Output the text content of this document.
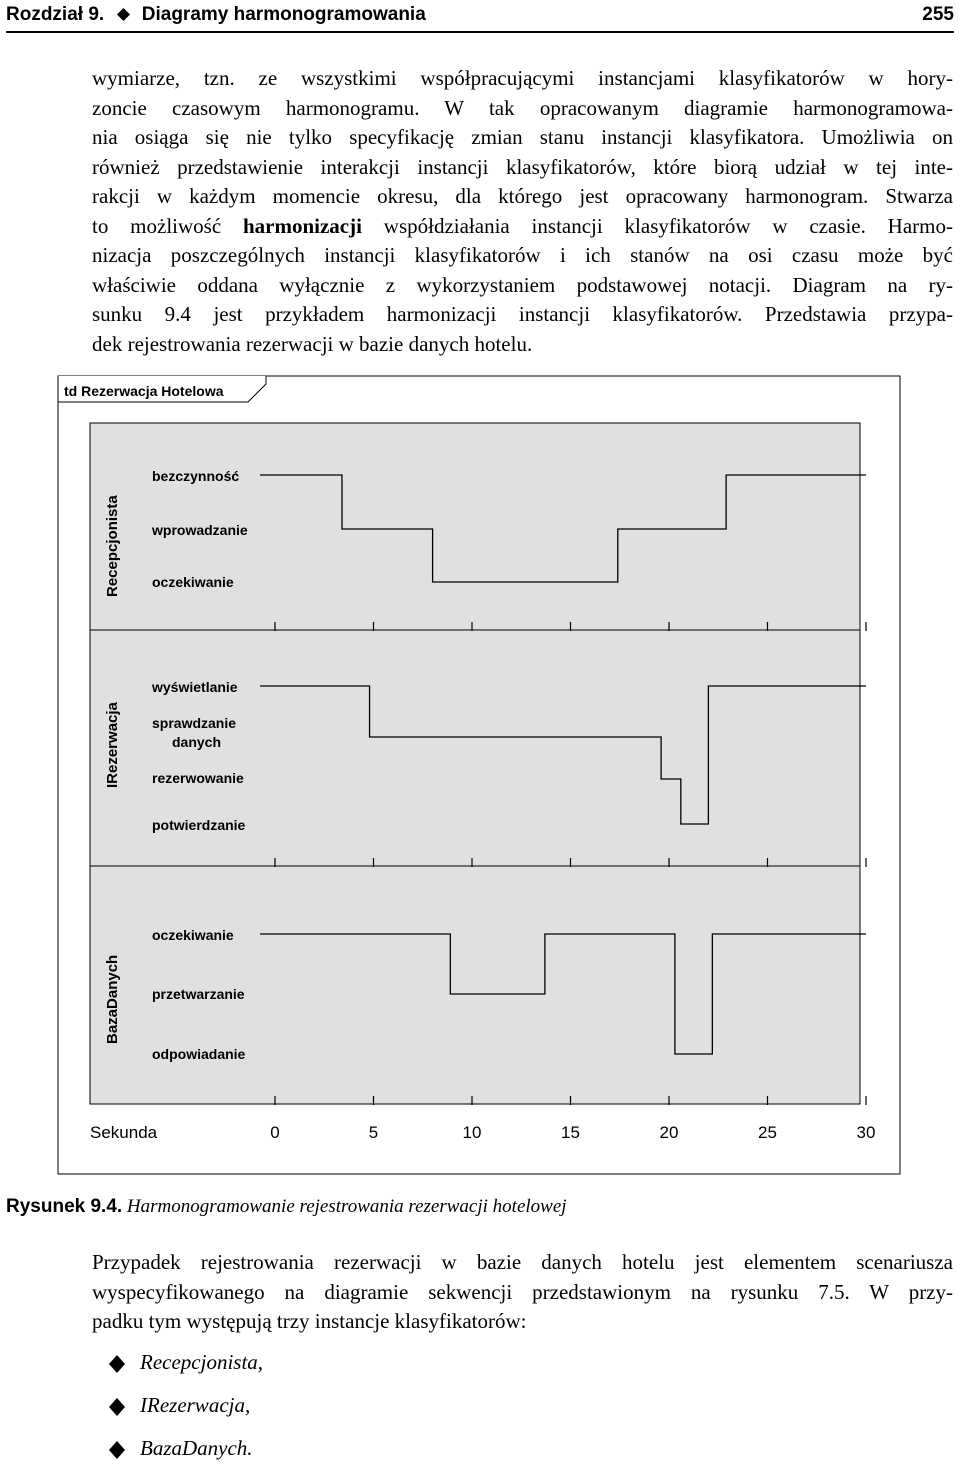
Rozdział 9. Diagramy harmonogramowania	255
wymiarze, tzn. ze wszystkimi współpracującymi instancjami klasyfikatorów w hory-
zoncie czasowym harmonogramu. W tak opracowanym diagramie harmonogramowa-
nia osiąga się nie tylko specyfikację zmian stanu instancji klasyfikatora. Umożliwia on
również przedstawienie interakcji instancji klasyfikatorów, które biorą udział w tej inte-
rakcji w każdym momencie okresu, dla którego jest opracowany harmonogram. Stwarza
to możliwość harmonizacji współdziałania instancji klasyfikatorów w czasie. Harmo-
nizacja poszczególnych instancji klasyfikatorów i ich stanów na osi czasu może być
właściwie oddana wyłącznie z wykorzystaniem podstawowej notacji. Diagram na ry-
sunku 9.4 jest przykładem harmonizacji instancji klasyfikatorów. Przedstawia przypa-
dek rejestrowania rezerwacji w bazie danych hotelu.
td Rezerwacja Hotelowa
Recepcjonista
IRezerwacja
BazaDanych
bezczynność
wprowadzanie
oczekiwanie
wyświetlanie
sprawdzanie
danych
rezerwowanie
potwierdzanie
oczekiwanie
przetwarzanie
odpowiadanie
Sekunda	0	5	10	15	20	25	30
Rysunek 9.4. Harmonogramowanie rejestrowania rezerwacji hotelowej
Przypadek rejestrowania rezerwacji w bazie danych hotelu jest elementem scenariusza
wyspecyfikowanego na diagramie sekwencji przedstawionym na rysunku 7.5. W przy-
padku tym występują trzy instancje klasyfikatorów:
Recepcjonista,
IRezerwacja,
BazaDanych.
